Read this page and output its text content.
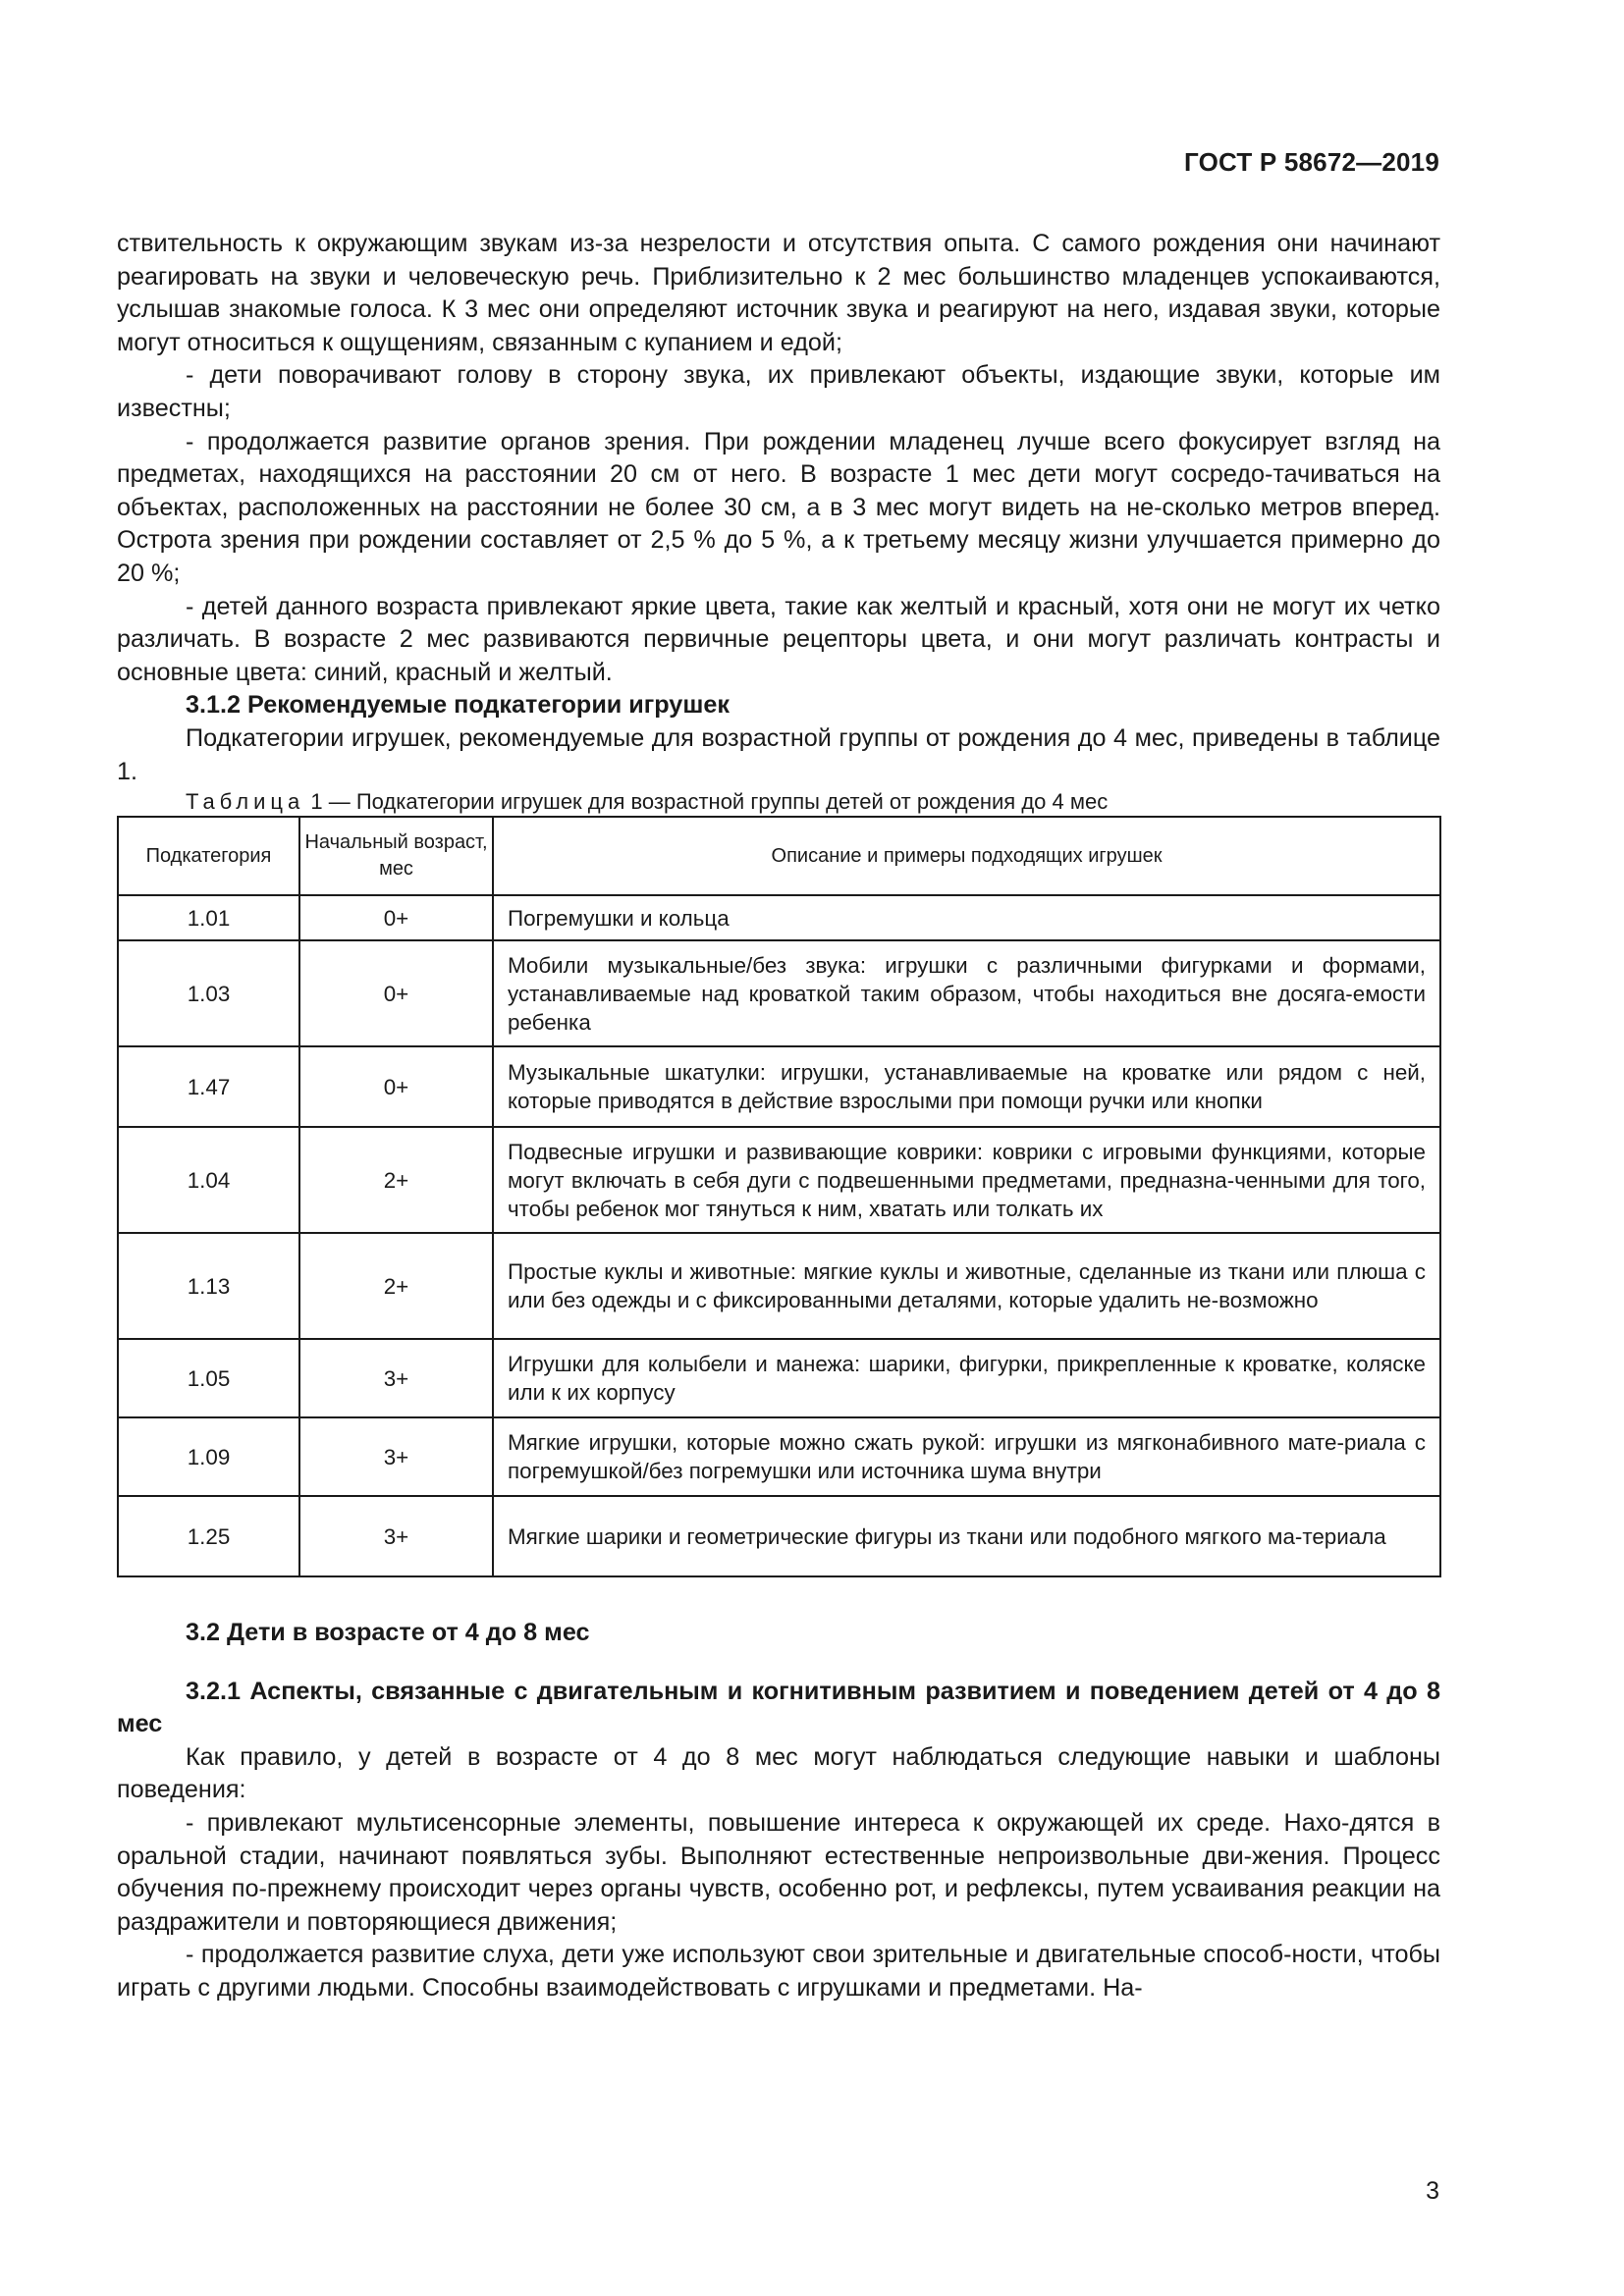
ГОСТ Р 58672—2019

ствительность к окружающим звукам из-за незрелости и отсутствия опыта. С самого рождения они начинают реагировать на звуки и человеческую речь. Приблизительно к 2 мес большинство младенцев успокаиваются, услышав знакомые голоса. К 3 мес они определяют источник звука и реагируют на него, издавая звуки, которые могут относиться к ощущениям, связанным с купанием и едой;

- дети поворачивают голову в сторону звука, их привлекают объекты, издающие звуки, которые им известны;

- продолжается развитие органов зрения. При рождении младенец лучше всего фокусирует взгляд на предметах, находящихся на расстоянии 20 см от него. В возрасте 1 мес дети могут сосредо-тачиваться на объектах, расположенных на расстоянии не более 30 см, а в 3 мес могут видеть на не-сколько метров вперед. Острота зрения при рождении составляет от 2,5 % до 5 %, а к третьему месяцу жизни улучшается примерно до 20 %;

- детей данного возраста привлекают яркие цвета, такие как желтый и красный, хотя они не могут их четко различать. В возрасте 2 мес развиваются первичные рецепторы цвета, и они могут различать контрасты и основные цвета: синий, красный и желтый.

3.1.2 Рекомендуемые подкатегории игрушек

Подкатегории игрушек, рекомендуемые для возрастной группы от рождения до 4 мес, приведены в таблице 1.

Таблица 1 — Подкатегории игрушек для возрастной группы детей от рождения до 4 мес

Подкатегория	Начальный возраст, мес	Описание и примеры подходящих игрушек
1.01	0+	Погремушки и кольца
1.03	0+	Мобили музыкальные/без звука: игрушки с различными фигурками и формами, устанавливаемые над кроваткой таким образом, чтобы находиться вне досяга-емости ребенка
1.47	0+	Музыкальные шкатулки: игрушки, устанавливаемые на кроватке или рядом с ней, которые приводятся в действие взрослыми при помощи ручки или кнопки
1.04	2+	Подвесные игрушки и развивающие коврики: коврики с игровыми функциями, которые могут включать в себя дуги с подвешенными предметами, предназна-ченными для того, чтобы ребенок мог тянуться к ним, хватать или толкать их
1.13	2+	Простые куклы и животные: мягкие куклы и животные, сделанные из ткани или плюша с или без одежды и с фиксированными деталями, которые удалить не-возможно
1.05	3+	Игрушки для колыбели и манежа: шарики, фигурки, прикрепленные к кроватке, коляске или к их корпусу
1.09	3+	Мягкие игрушки, которые можно сжать рукой: игрушки из мягконабивного мате-риала с погремушкой/без погремушки или источника шума внутри
1.25	3+	Мягкие шарики и геометрические фигуры из ткани или подобного мягкого ма-териала

3.2 Дети в возрасте от 4 до 8 мес

3.2.1 Аспекты, связанные с двигательным и когнитивным развитием и поведением детей от 4 до 8 мес

Как правило, у детей в возрасте от 4 до 8 мес могут наблюдаться следующие навыки и шаблоны поведения:

- привлекают мультисенсорные элементы, повышение интереса к окружающей их среде. Нахо-дятся в оральной стадии, начинают появляться зубы. Выполняют естественные непроизвольные дви-жения. Процесс обучения по-прежнему происходит через органы чувств, особенно рот, и рефлексы, путем усваивания реакции на раздражители и повторяющиеся движения;

- продолжается развитие слуха, дети уже используют свои зрительные и двигательные способ-ности, чтобы играть с другими людьми. Способны взаимодействовать с игрушками и предметами. На-

3
